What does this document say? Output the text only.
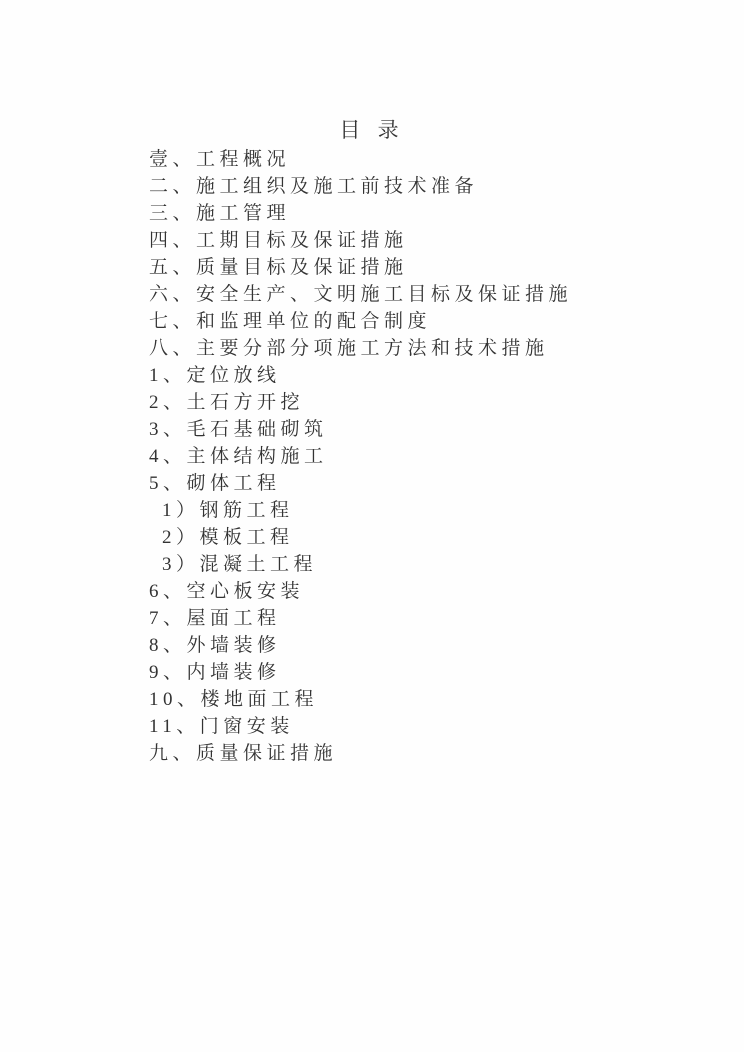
目 录
壹、工程概况
二、施工组织及施工前技术准备
三、施工管理
四、工期目标及保证措施
五、质量目标及保证措施
六、安全生产、文明施工目标及保证措施
七、和监理单位的配合制度
八、主要分部分项施工方法和技术措施
1、定位放线
2、土石方开挖
3、毛石基础砌筑
4、主体结构施工
5、砌体工程
1）钢筋工程
2）模板工程
3）混凝土工程
6、空心板安装
7、屋面工程
8、外墙装修
9、内墙装修
10、楼地面工程
11、门窗安装
九、质量保证措施
